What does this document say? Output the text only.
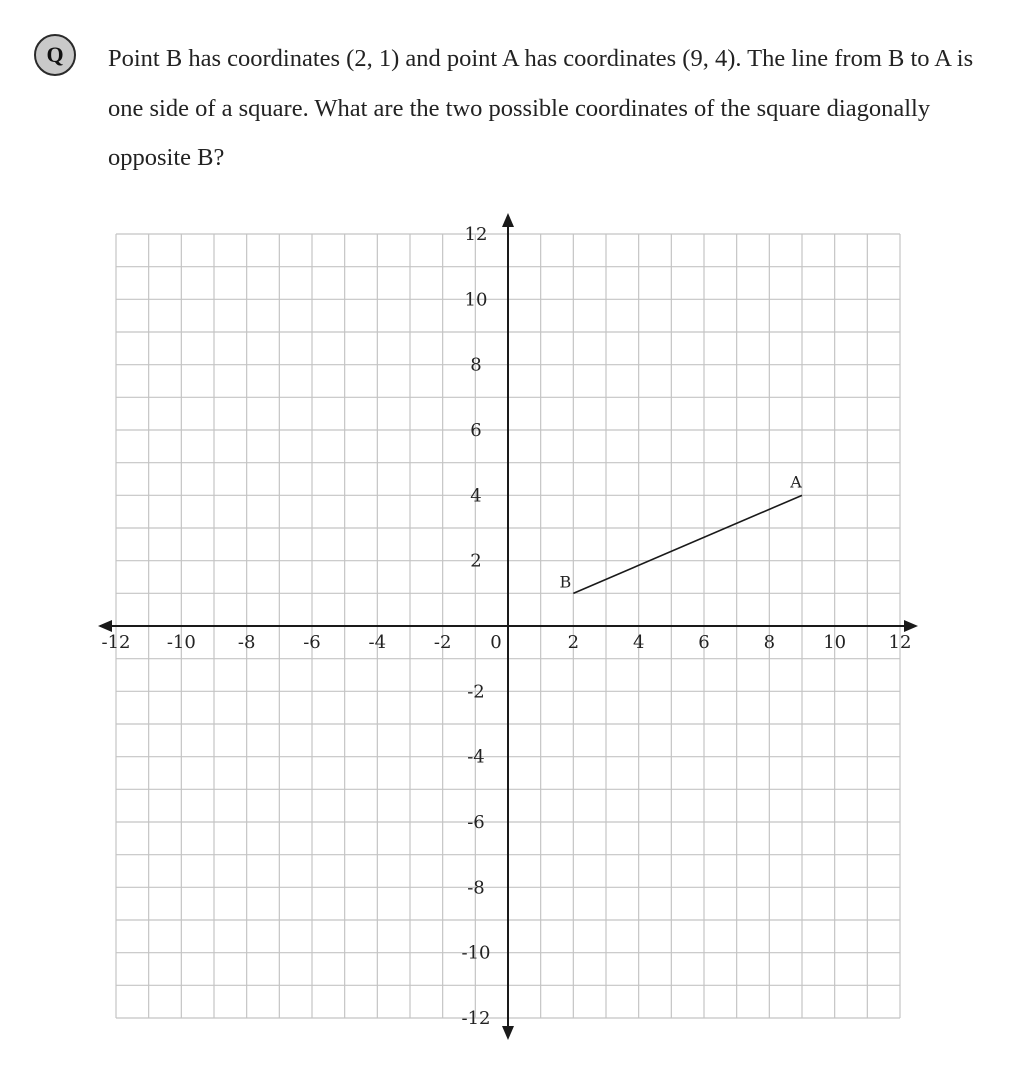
Q	Point B has coordinates (2, 1) and point A has coordinates (9, 4). The line from B to A is one side of a square. What are the two possible coordinates of the square diagonally opposite B?
-12 -10 -8	-6	-4	-2 0	2	4	6	8	10 12
12
10
8
6
4
2
-2
-4
-6
-8
-10
-12
B
A
